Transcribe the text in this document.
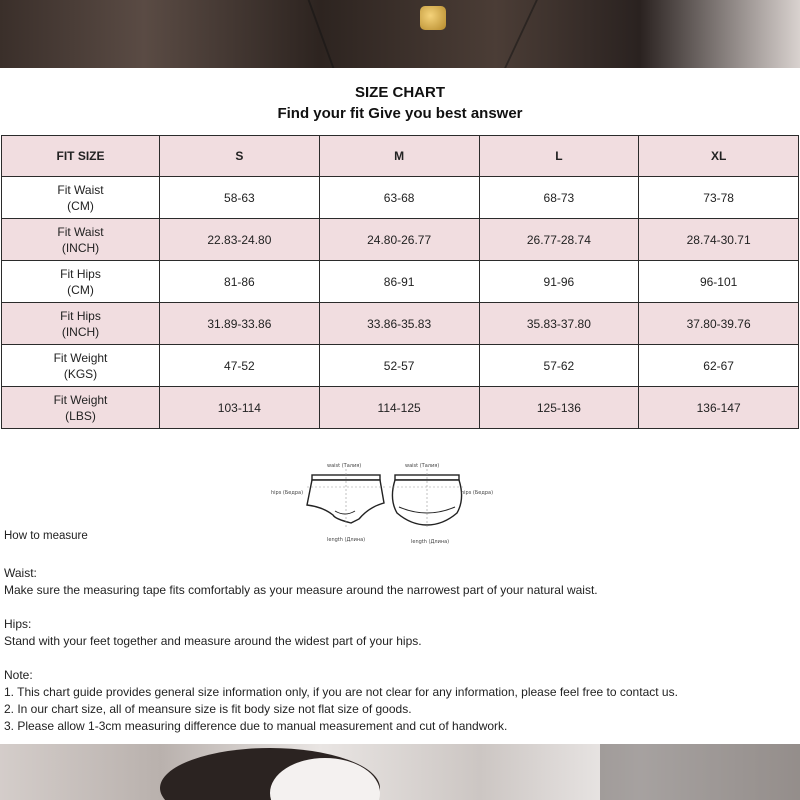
SIZE CHART
Find your fit Give you best answer
FIT SIZE	S	M	L	XL
Fit Waist
(CM)	58-63	63-68	68-73	73-78
Fit Waist
(INCH)	22.83-24.80	24.80-26.77	26.77-28.74	28.74-30.71
Fit Hips
(CM)	81-86	86-91	91-96	96-101
Fit Hips
(INCH)	31.89-33.86	33.86-35.83	35.83-37.80	37.80-39.76
Fit Weight
(KGS)	47-52	52-57	57-62	62-67
Fit Weight
(LBS)	103-114	114-125	125-136	136-147
waist (Талия)	waist (Талия)
hips (Бедра)	hips (Бедра)
length (Длина)	length (Длина)
How to measure

Waist:

Make sure the measuring tape fits comfortably as your measure around the narrowest part of your natural waist.

Hips:

Stand with your feet together and measure around the widest part of your hips.

Note:

1. This chart guide provides general size information only, if you are not clear for any information, please feel free to contact us.

2. In our chart size, all of meansure size is fit body size not flat size of goods.

3. Please allow 1-3cm measuring difference due to manual measurement and cut of handwork.
